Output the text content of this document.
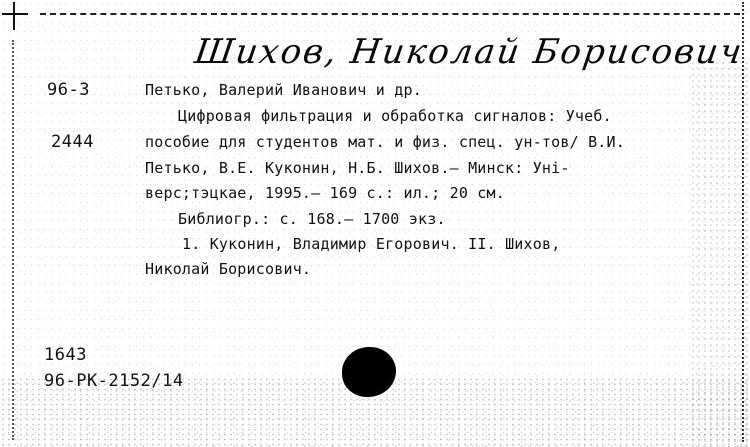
Шихов, Николай Борисович
96-3
2444
Петько, Валерий Иванович и др.
Цифровая фильтрация и обработка сигналов: Учеб.
пособие для студентов мат. и физ. спец. ун-тов/ В.И.
Петько, В.Е. Куконин, Н.Б. Шихов.– Минск: Унi-
верс;тэцкае, 1995.– 169 с.: ил.; 20 см.
Библиогр.: с. 168.– 1700 экз.
1. Куконин, Владимир Егорович. II. Шихов,
Николай Борисович.
1643
96-PK-2152/14
